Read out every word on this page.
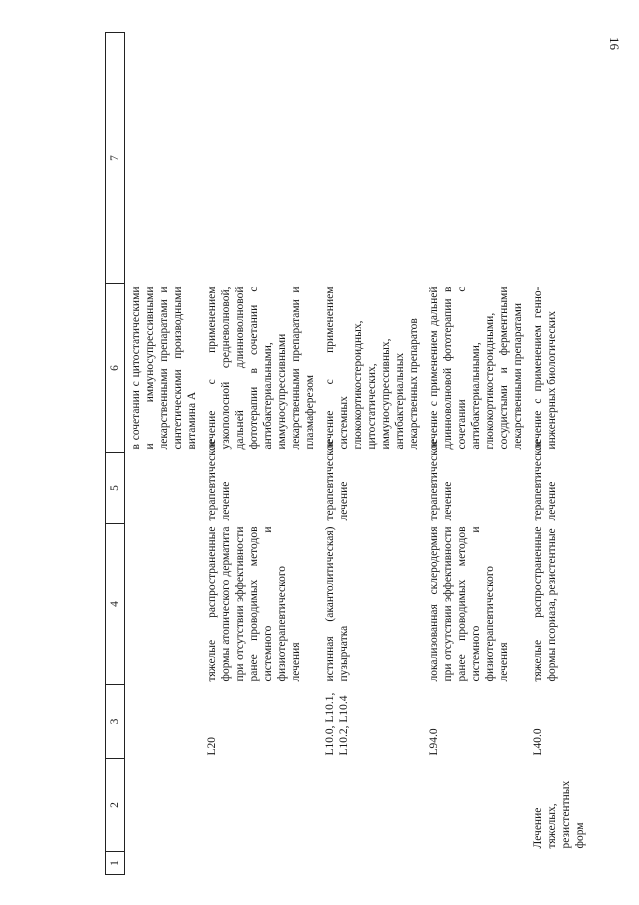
16
1	2	3	4	5	6	7
					в сочетании с цитостатическими и иммуносупрессивными лекарственными препаратами и синтетическими производными витамина А	
		L20	тяжелые распространенные формы атопического дерматита при отсутствии эффективности ранее проводимых методов системного и физиотерапевтического лечения	терапевтическое лечение	лечение с применением узкополосной средневолновой, дальней длинноволновой фототерапии в сочетании с антибактериальными, иммуносупрессивными лекарственными препаратами и плазмаферезом	
		L10.0, L10.1, L10.2, L10.4	истинная (акантолитическая) пузырчатка	терапевтическое лечение	лечение с применением системных глюкокортикостероидных, цитостатических, иммуносупрессивных, антибактериальных лекарственных препаратов	
		L94.0	локализованная склеродермия при отсутствии эффективности ранее проводимых методов системного и физиотерапевтического лечения	терапевтическое лечение	лечение с применением дальней длинноволновой фототерапии в сочетании с антибактериальными, глюкокортикостероидными, сосудистыми и ферментными лекарственными препаратами	
	Лечение тяжелых, резистентных форм	L40.0	тяжелые распространенные формы псориаза, резистентные	терапевтическое лечение	лечение с применением генно-инженерных биологических	
